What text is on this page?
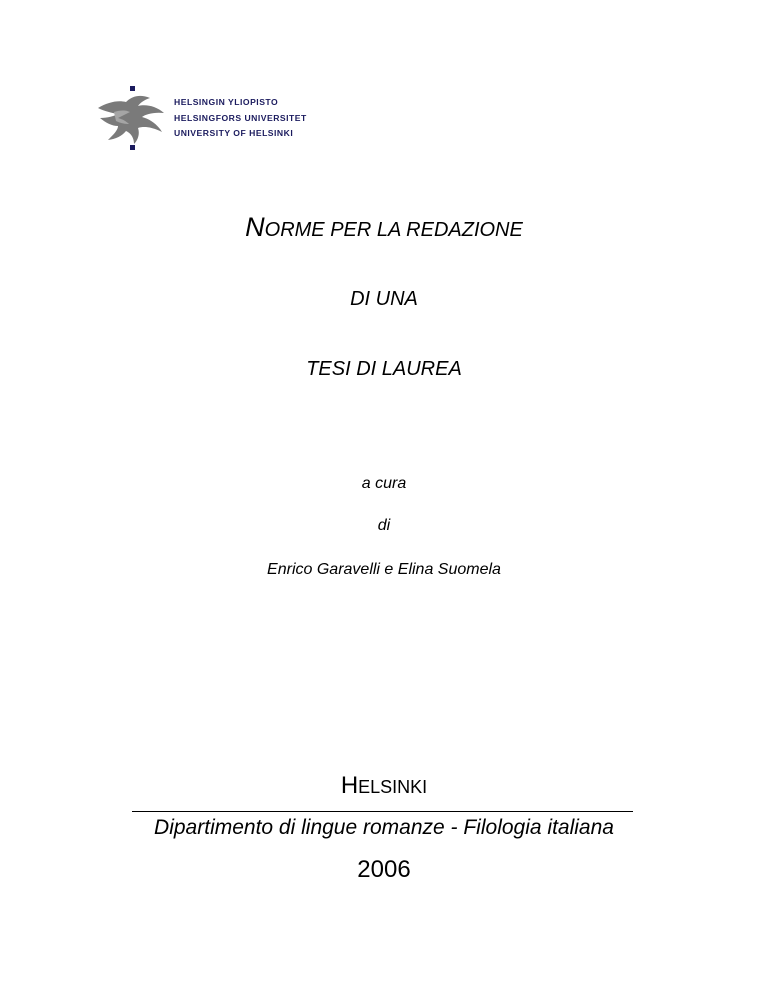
HELSINGIN YLIOPISTO
HELSINGFORS UNIVERSITET
UNIVERSITY OF HELSINKI
NORME PER LA REDAZIONE
DI UNA
TESI DI LAUREA
a cura
di
Enrico Garavelli e Elina Suomela
HELSINKI
Dipartimento di lingue romanze - Filologia italiana
2006
